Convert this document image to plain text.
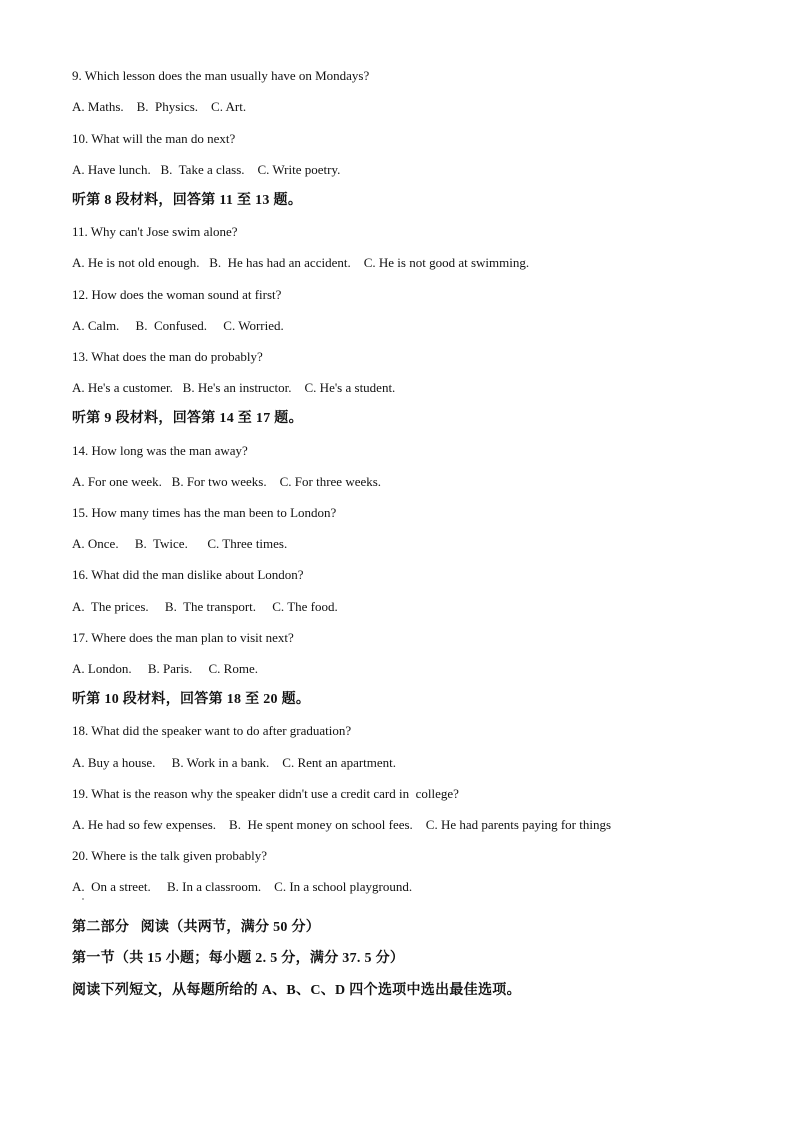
9. Which lesson does the man usually have on Mondays?
A. Maths.    B.  Physics.    C. Art.
10. What will the man do next?
A. Have lunch.   B.  Take a class.    C. Write poetry.
听第 8 段材料，回答第 11 至 13 题。
11. Why can't Jose swim alone?
A. He is not old enough.   B.  He has had an accident.    C. He is not good at swimming.
12. How does the woman sound at first?
A. Calm.     B.  Confused.     C. Worried.
13. What does the man do probably?
A. He's a customer.   B. He's an instructor.    C. He's a student.
听第 9 段材料，回答第 14 至 17 题。
14. How long was the man away?
A. For one week.   B. For two weeks.    C. For three weeks.
15. How many times has the man been to London?
A. Once.     B.  Twice.      C. Three times.
16. What did the man dislike about London?
A.  The prices.     B.  The transport.     C. The food.
17. Where does the man plan to visit next?
A. London.     B. Paris.     C. Rome.
听第 10 段材料，回答第 18 至 20 题。
18. What did the speaker want to do after graduation?
A. Buy a house.     B. Work in a bank.    C. Rent an apartment.
19. What is the reason why the speaker didn't use a credit card in  college?
A. He had so few expenses.    B.  He spent money on school fees.    C. He had parents paying for things
20. Where is the talk given probably?
A.  On a street.     B. In a classroom.    C. In a school playground.
第二部分   阅读（共两节，满分 50 分）
第一节（共 15 小题；每小题 2. 5 分，满分 37. 5 分）
阅读下列短文，从每题所给的 A、B、C、D 四个选项中选出最佳选项。
